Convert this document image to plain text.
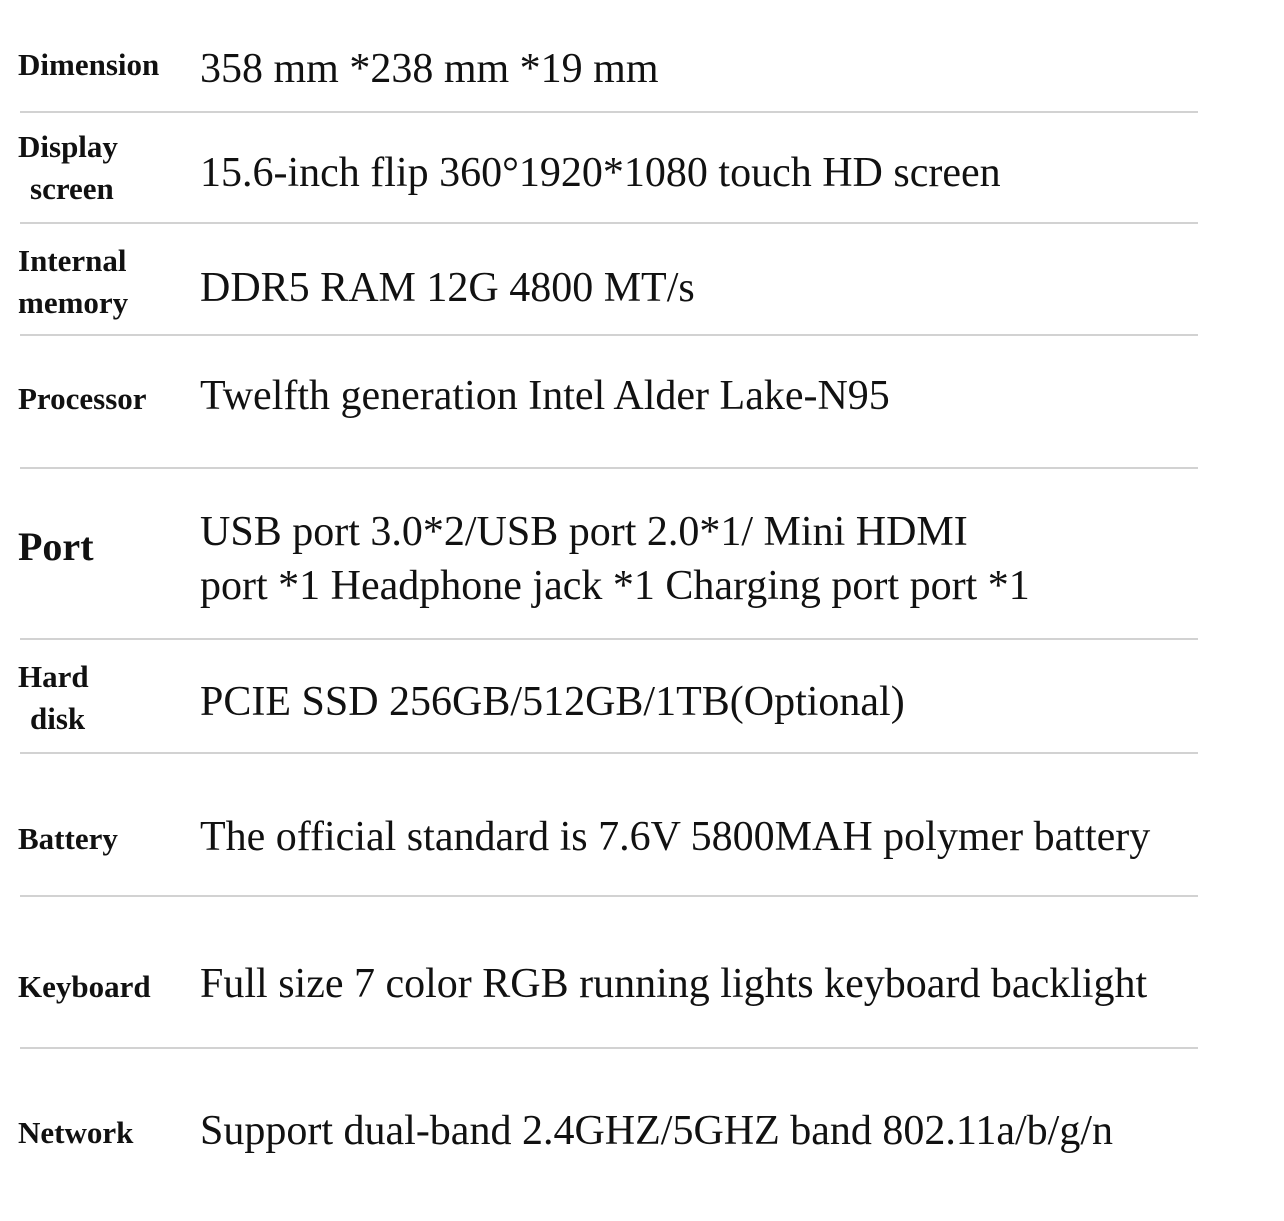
Dimension 358 mm *238 mm *19 mm
Display
screen 15.6-inch flip 360°1920*1080 touch HD screen
Internal
memory DDR5 RAM 12G 4800 MT/s
Processor Twelfth generation Intel Alder Lake-N95
Port	USB port 3.0*2/USB port 2.0*1/ Mini HDMI
port *1 Headphone jack *1 Charging port port *1
Hard
disk	PCIE SSD 256GB/512GB/1TB(Optional)
Battery The official standard is 7.6V 5800MAH polymer battery
Keyboard Full size 7 color RGB running lights keyboard backlight
Network Support dual-band 2.4GHZ/5GHZ band 802.11a/b/g/n
